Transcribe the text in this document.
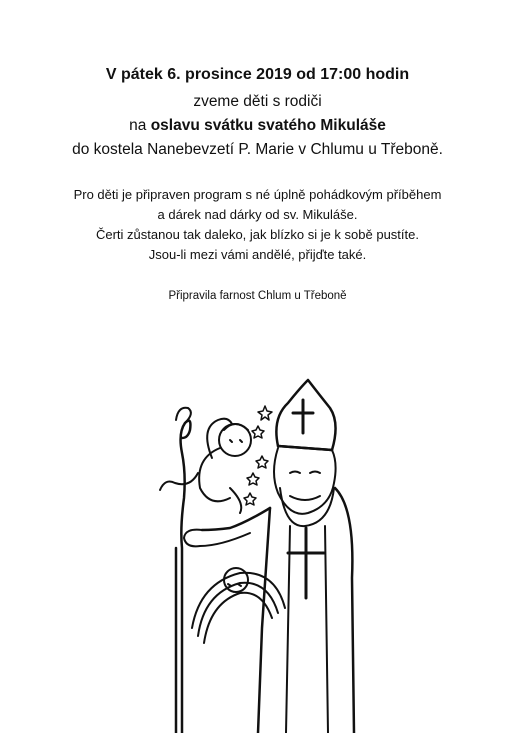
V pátek 6. prosince 2019 od 17:00 hodin
zveme děti s rodiči
na oslavu svátku svatého Mikuláše
do kostela Nanebevzetí P. Marie v Chlumu u Třeboně.
Pro děti je připraven program s né úplně pohádkovým příběhem
a dárek nad dárky od sv. Mikuláše.
Čerti zůstanou tak daleko, jak blízko si je k sobě pustíte.
Jsou-li mezi vámi andělé, přijďte také.
Připravila farnost Chlum u Třeboně
